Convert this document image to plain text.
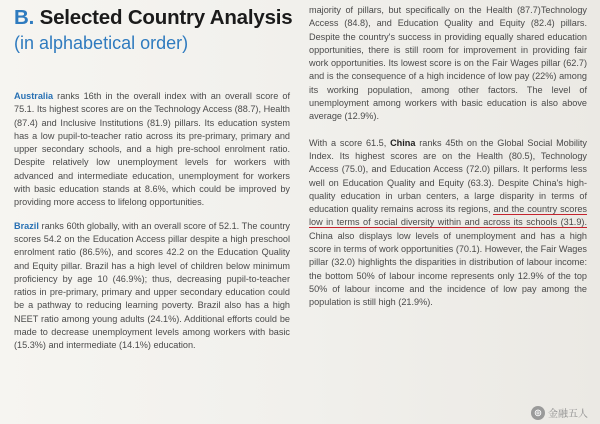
B. Selected Country Analysis
(in alphabetical order)

Australia ranks 16th in the overall index with an overall score of 75.1. Its highest scores are on the Technology Access (88.7), Health (87.4) and Inclusive Institutions (81.9) pillars. Its education system has a low pupil-to-teacher ratio across its pre-primary, primary and upper secondary schools, and a high pre-school enrolment ratio. Despite relatively low unemployment levels for workers with advanced and intermediate education, unemployment for workers with basic education stands at 8.6%, which could be improved by providing more access to lifelong opportunities.

Brazil ranks 60th globally, with an overall score of 52.1. The country scores 54.2 on the Education Access pillar despite a high preschool enrolment ratio (86.5%), and scores 42.2 on the Education Quality and Equity pillar. Brazil has a high level of children below minimum proficiency by age 10 (46.9%); thus, decreasing pupil-to-teacher ratios in pre-primary, primary and upper secondary education could be a pathway to reducing learning poverty. Brazil also has a high NEET ratio among young adults (24.1%). Additional efforts could be made to decrease unemployment levels among workers with basic (15.3%) and intermediate (14.1%) education.

majority of pillars, but specifically on the Health (87.7)Technology Access (84.8), and Education Quality and Equity (82.4) pillars. Despite the country's success in providing equally shared education opportunities, there is still room for improvement in providing fair work opportunities. Its lowest score is on the Fair Wages pillar (62.7) and is the consequence of a high incidence of low pay (22%) among its working population, among other factors. The level of unemployment among workers with basic education is also above average (12.9%).

With a score 61.5, China ranks 45th on the Global Social Mobility Index. Its highest scores are on the Health (80.5), Technology Access (75.0), and Education Access (72.0) pillars. It performs less well on Education Quality and Equity (63.3). Despite China's high-quality education in urban centers, a large disparity in terms of education quality remains across its regions, and the country scores low in terms of social diversity within and across its schools (31.9). China also displays low levels of unemployment and has a high score in terms of work opportunities (70.1). However, the Fair Wages pillar (32.0) highlights the disparities in distribution of labour income: the bottom 50% of labour income represents only 12.9% of the top 50% of labour income and the incidence of low pay among the population is still high (21.9%).

◎ 金融五人
